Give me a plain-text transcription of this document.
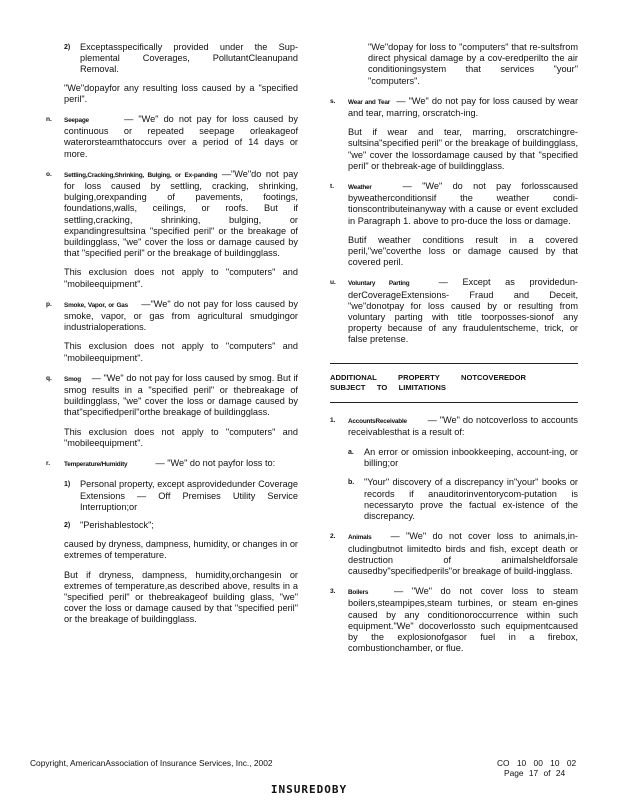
2)	Exceptasspecifically provided under the Sup-plemental Coverages, PollutantCleanupand Removal.

"We"dopayfor any resulting loss caused by a "specified peril".

n. Seepage	— "We" do not pay for loss caused by continuous or repeated seepage orleakageof waterorsteamthatoccurs over a period of 14 days or more.

o. Settling,Cracking,Shrinking, Bulging, or Ex-panding —"We"do not pay for loss caused by settling, cracking, shrinking, bulging,orexpanding of pavements, footings, foundations,walls, ceilings, or roofs. But if settling,cracking, shrinking, bulging, or expandingresultsina "specified peril" or the breakage of buildingglass, "we" cover the loss or damage caused by that "specified peril" or the breakage of buildingglass.

This exclusion does not apply to "computers" and "mobileequipment".

p. Smoke, Vapor, or Gas —"We" do not pay for loss caused by smoke, vapor, or gas from agricultural smudgingor industrialoperations.

This exclusion does not apply to "computers" and "mobileequipment".

q. Smog — "We" do not pay for loss caused by smog. But if smog results in a "specified peril" or thebreakage of buildingglass, "we" cover the loss or damage caused by that"specifiedperil"orthe breakage of buildingglass.

This exclusion does not apply to "computers" and "mobileequipment".

r. Temperature/Humidity	— "We" do not payfor loss to:

1) Personal property, except asprovidedunder Coverage Extensions — Off Premises Utility Service Interruption;or

2) "Perishablestock";

caused by dryness, dampness, humidity, or changes in or extremes of temperature.

But if dryness, dampness, humidity,orchangesin or extremes of temperature,as described above, results in a "specified peril" or thebreakageof building glass, "we" cover the loss or damage caused by that "specified peril" or the breakage of buildingglass.

"We"dopay for loss to "computers" that re-sultsfrom direct physical damage by a cov-eredperilto the air conditioningsystem that services "your" "computers".

s. Wear and Tear — "We" do not pay for loss caused by wear and tear, marring, orscratch-ing.

But if wear and tear, marring, orscratchingre-sultsina"specified peril" or the breakage of buildingglass, "we" cover the lossordamage caused by that "specified peril" or thebreak-age of buildingglass.

t. Weather	— "We" do not pay forlosscaused byweatherconditionsif the weather condi-tionscontributeinanyway with a cause or event excluded in Paragraph 1. above to pro-duce the loss or damage.

Butif weather conditions result in a covered peril,"we"coverthe loss or damage caused by that covered peril.

u. Voluntary Parting	— Except as providedun-derCoverageExtensions- Fraud and Deceit, "we"donotpay for loss caused by or resulting from voluntary parting with title toorposses-sionof any property because of any fraudulentscheme, trick, or false pretense.

ADDITIONAL	PROPERTY	NOTCOVEREDOR
SUBJECT TO LIMITATIONS
1. AccountsReceivable — "We" do notcoverloss to accounts receivablesthat is a result of:

a. An error or omission inbookkeeping, account-ing, or billing;or

b. "Your" discovery of a discrepancy in"your" books or records if anauditorinventorycom-putation is necessaryto prove the factual ex-istence of the discrepancy.

2. Animals — "We" do not cover loss to animals,in-cludingbutnot limitedto birds and fish, except death or destruction of animalsheldforsale causedby"specifiedperils"or breakage of build-ingglass.

3. Boilers	— "We" do not cover loss to steam boilers,steampipes,steam turbines, or steam en-gines caused by any conditionoroccurrence within such equipment."We" docoverlossto such equipmentcaused by the explosionofgasor fuel in a firebox, combustionchamber, or flue.

Copyright, AmericanAssociation of Insurance Services, Inc., 2002	CO 10 00 10 02
Page 17 of 24
INSUREDOBY
